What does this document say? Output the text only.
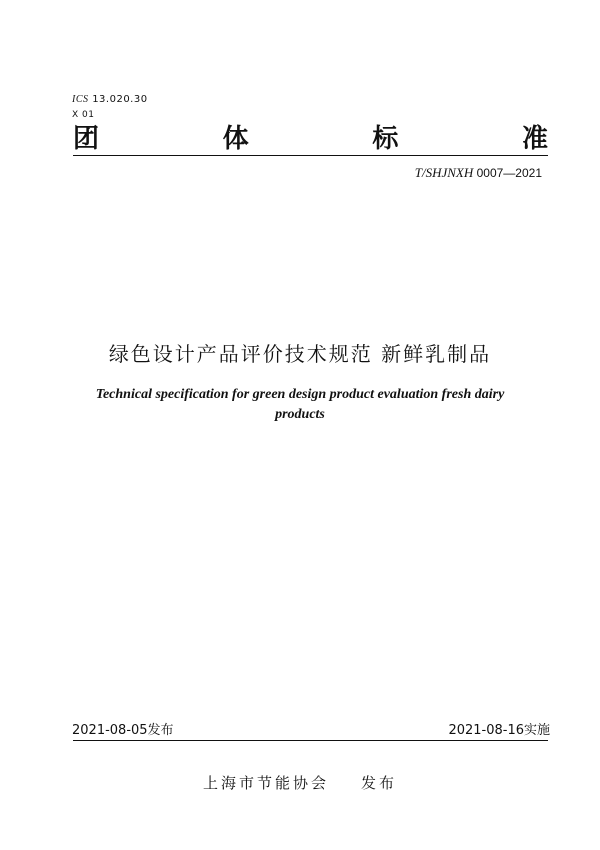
ICS 13.020.30
X 01
团	体	标	准
T/SHJNXH 0007—2021
绿色设计产品评价技术规范 新鲜乳制品
Technical specification for green design product evaluation fresh dairy products
2021-08-05发布	2021-08-16实施
上海市节能协会 发布
